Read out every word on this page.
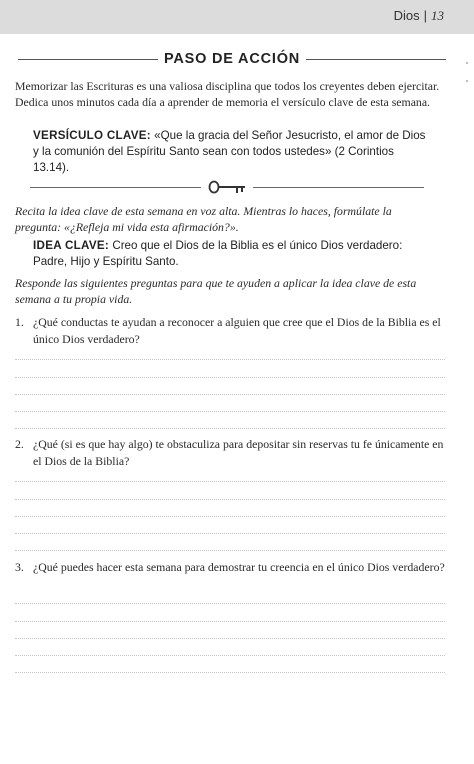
Dios | 13
PASO DE ACCIÓN
Memorizar las Escrituras es una valiosa disciplina que todos los creyentes deben ejercitar. Dedica unos minutos cada día a aprender de memoria el versículo clave de esta semana.
VERSÍCULO CLAVE: «Que la gracia del Señor Jesucristo, el amor de Dios y la comunión del Espíritu Santo sean con todos ustedes» (2 Corintios 13.14).
Recita la idea clave de esta semana en voz alta. Mientras lo haces, formúlate la pregunta: «¿Refleja mi vida esta afirmación?».
IDEA CLAVE: Creo que el Dios de la Biblia es el único Dios verdadero: Padre, Hijo y Espíritu Santo.
Responde las siguientes preguntas para que te ayuden a aplicar la idea clave de esta semana a tu propia vida.
1. ¿Qué conductas te ayudan a reconocer a alguien que cree que el Dios de la Biblia es el único Dios verdadero?
2. ¿Qué (si es que hay algo) te obstaculiza para depositar sin reservas tu fe únicamente en el Dios de la Biblia?
3. ¿Qué puedes hacer esta semana para demostrar tu creencia en el único Dios verdadero?
